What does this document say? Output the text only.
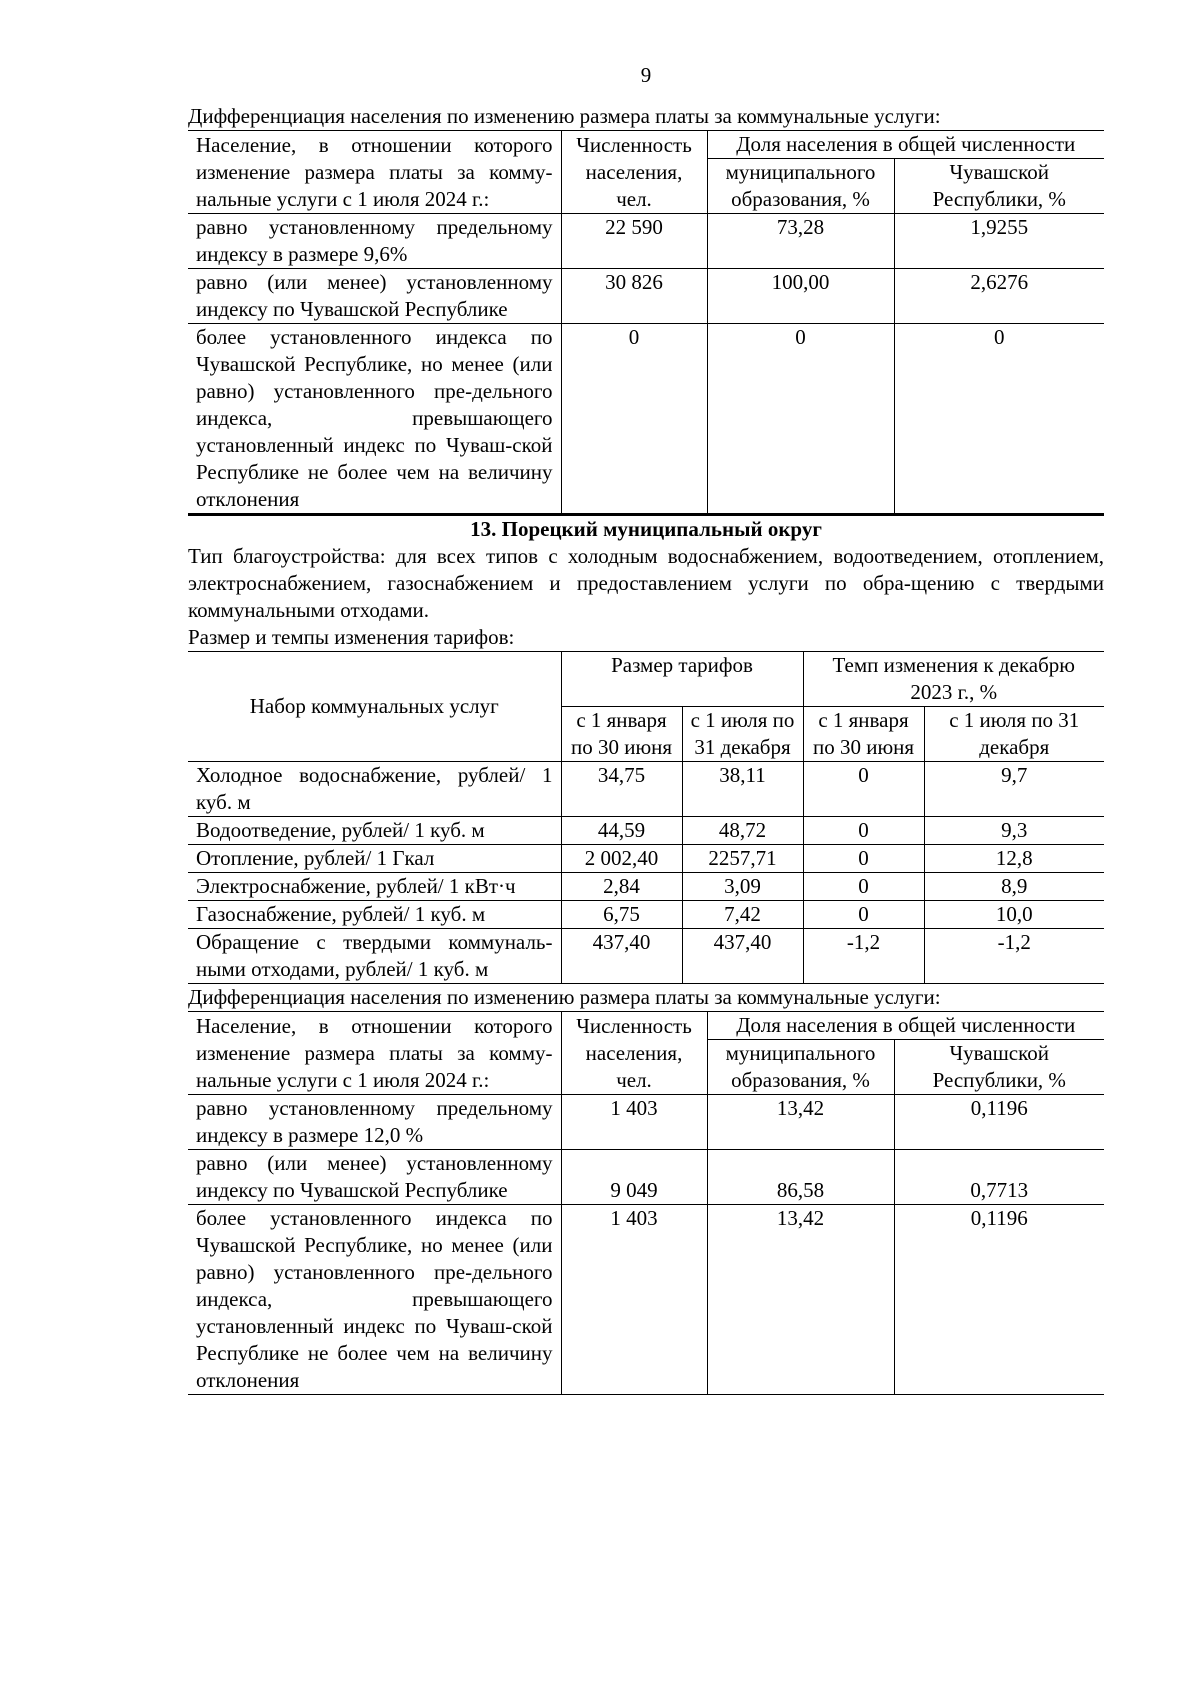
9
Дифференциация населения по изменению размера платы за коммунальные услуги:
Население, в отношении которого изменение размера платы за комму-нальные услуги с 1 июля 2024 г.:	Численность населения, чел.	Доля населения в общей численности	
		муниципального образования, %	Чувашской Республики, %
равно установленному предельному индексу в размере 9,6%	22 590	73,28	1,9255
равно (или менее) установленному индексу по Чувашской Республике	30 826	100,00	2,6276
более установленного индекса по Чувашской Республике, но менее (или равно) установленного пре-дельного индекса, превышающего установленный индекс по Чуваш-ской Республике не более чем на величину отклонения	0	0	0
13. Порецкий муниципальный округ

Тип благоустройства: для всех типов с холодным водоснабжением, водоотведением, отоплением, электроснабжением, газоснабжением и предоставлением услуги по обра-щению с твердыми коммунальными отходами.

Размер и темпы изменения тарифов:
Набор коммунальных услуг	Размер тарифов		Темп изменения к декабрю 2023 г., %	
	с 1 января по 30 июня	с 1 июля по 31 декабря	с 1 января по 30 июня	с 1 июля по 31 декабря
Холодное водоснабжение, рублей/ 1 куб. м	34,75	38,11	0	9,7
Водоотведение, рублей/ 1 куб. м	44,59	48,72	0	9,3
Отопление, рублей/ 1 Гкал	2 002,40	2257,71	0	12,8
Электроснабжение, рублей/ 1 кВт·ч	2,84	3,09	0	8,9
Газоснабжение, рублей/ 1 куб. м	6,75	7,42	0	10,0
Обращение с твердыми коммуналь-ными отходами, рублей/ 1 куб. м	437,40	437,40	-1,2	-1,2
Дифференциация населения по изменению размера платы за коммунальные услуги:
Население, в отношении которого изменение размера платы за комму-нальные услуги с 1 июля 2024 г.:	Численность населения, чел.	Доля населения в общей численности	
		муниципального образования, %	Чувашской Республики, %
равно установленному предельному индексу в размере 12,0 %	1 403	13,42	0,1196
равно (или менее) установленному индексу по Чувашской Республике	9 049	86,58	0,7713
более установленного индекса по Чувашской Республике, но менее (или равно) установленного пре-дельного индекса, превышающего установленный индекс по Чуваш-ской Республике не более чем на величину отклонения	1 403	13,42	0,1196
